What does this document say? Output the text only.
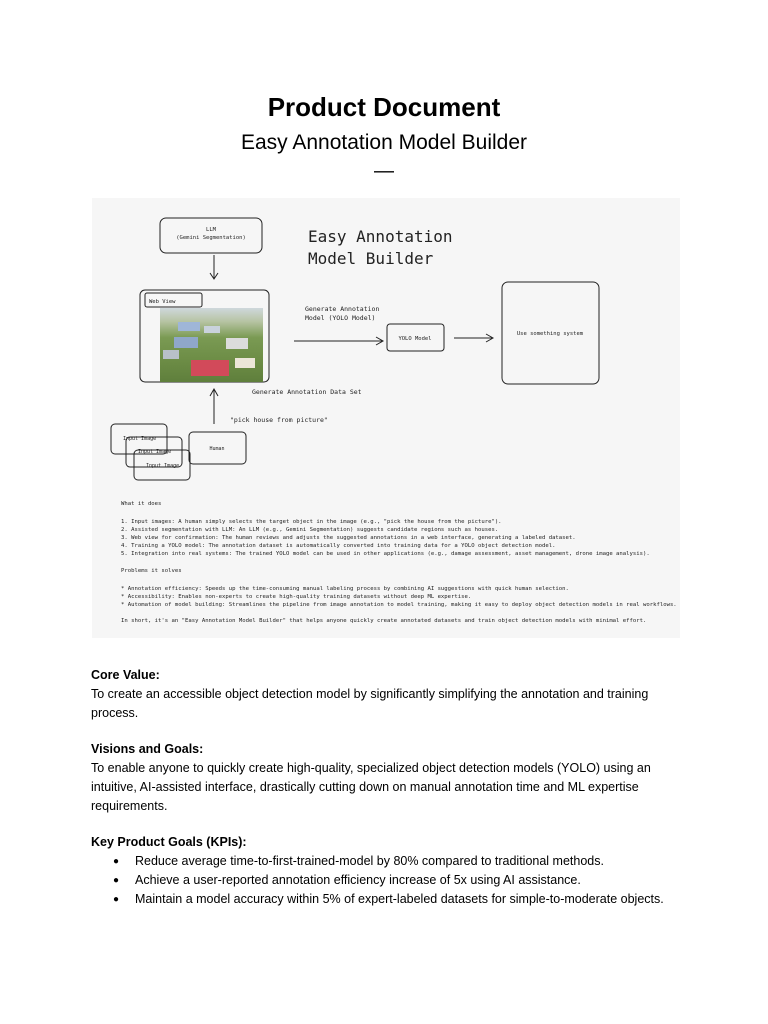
Product Document
Easy Annotation Model Builder
—
LLM
(Gemini Segmentation)	Easy Annotation
Model Builder
Web View
Generate Annotation
Model (YOLO Model)
YOLO Model
Use something system
Generate Annotation Data Set
"pick house from picture"
Input Image
Input Image
Input Image
Human
What it does
1. Input images: A human simply selects the target object in the image (e.g., "pick the house from the picture").
2. Assisted segmentation with LLM: An LLM (e.g., Gemini Segmentation) suggests candidate regions such as houses.
3. Web view for confirmation: The human reviews and adjusts the suggested annotations in a web interface, generating a labeled dataset.
4. Training a YOLO model: The annotation dataset is automatically converted into training data for a YOLO object detection model.
5. Integration into real systems: The trained YOLO model can be used in other applications (e.g., damage assessment, asset management, drone image analysis).
Problems it solves
* Annotation efficiency: Speeds up the time-consuming manual labeling process by combining AI suggestions with quick human selection.
* Accessibility: Enables non-experts to create high-quality training datasets without deep ML expertise.
* Automation of model building: Streamlines the pipeline from image annotation to model training, making it easy to deploy object detection models in real workflows.
In short, it's an "Easy Annotation Model Builder" that helps anyone quickly create annotated datasets and train object detection models with minimal effort.
Core Value:
To create an accessible object detection model by significantly simplifying the annotation and training process.
Visions and Goals:
To enable anyone to quickly create high-quality, specialized object detection models (YOLO) using an intuitive, AI-assisted interface, drastically cutting down on manual annotation time and ML expertise requirements.
Key Product Goals (KPIs):
● Reduce average time-to-first-trained-model by 80% compared to traditional methods.
● Achieve a user-reported annotation efficiency increase of 5x using AI assistance.
● Maintain a model accuracy within 5% of expert-labeled datasets for simple-to-moderate objects.
